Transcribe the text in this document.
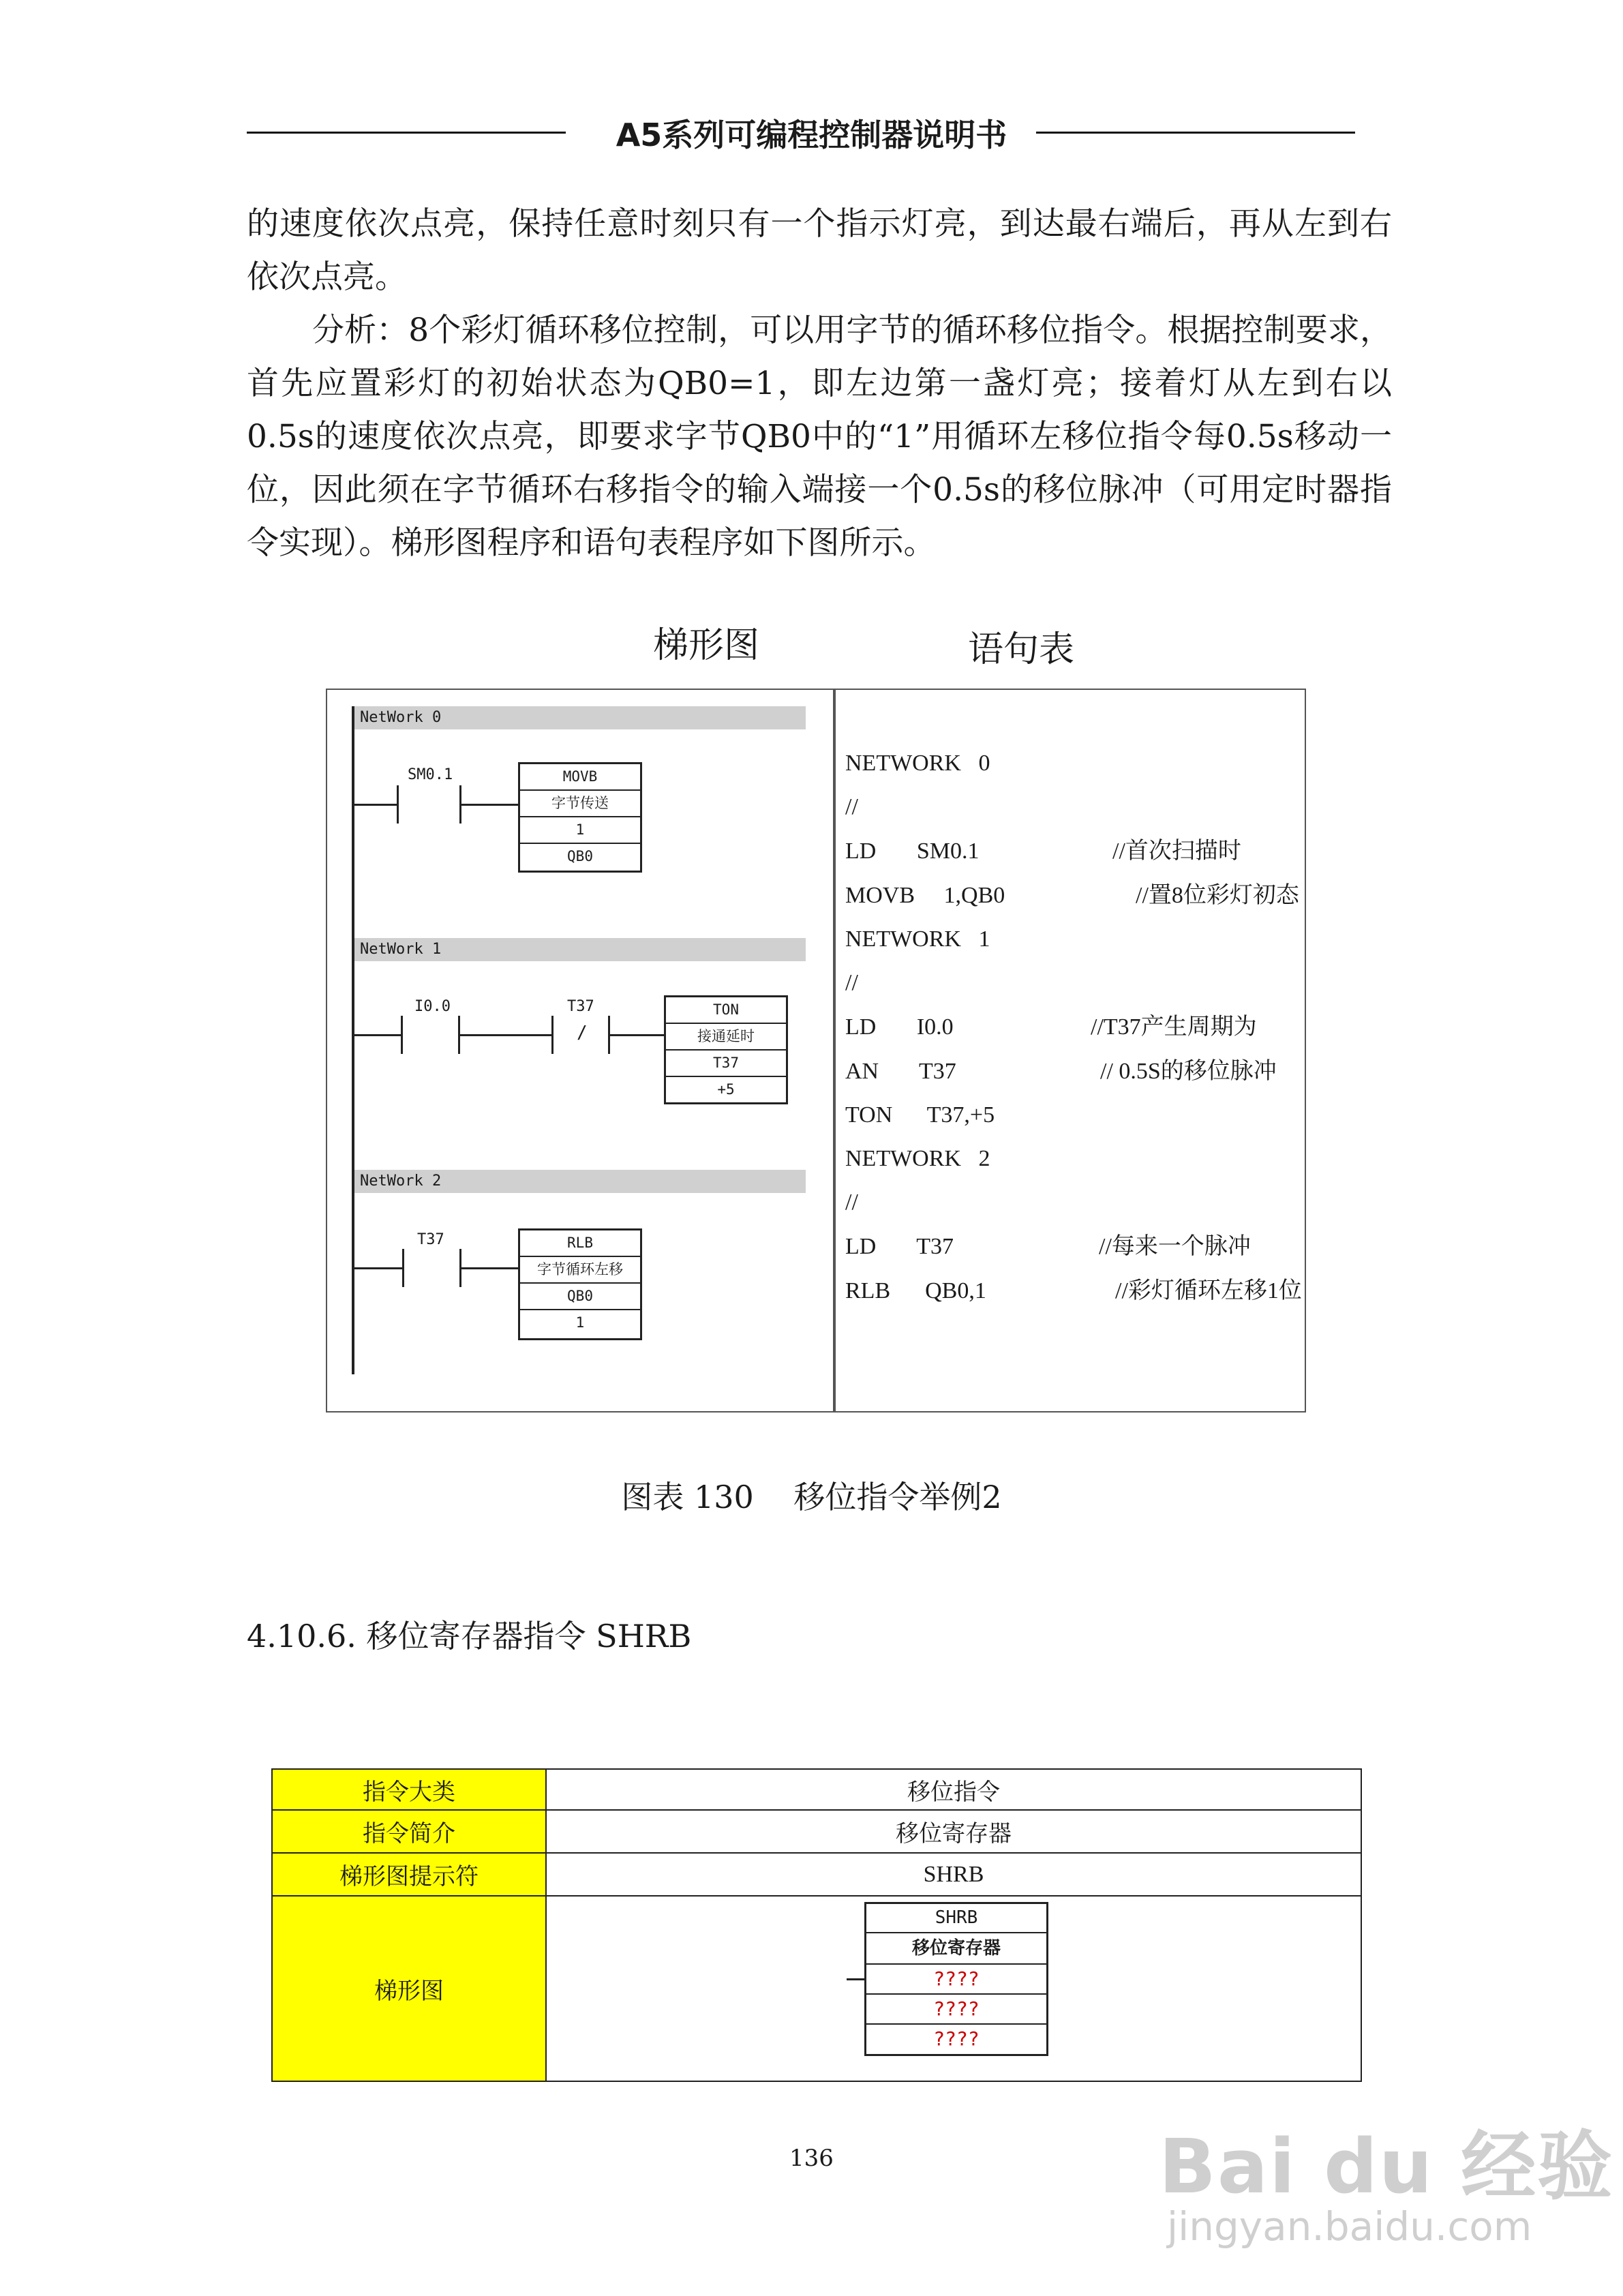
A5系列可编程控制器说明书

的速度依次点亮，保持任意时刻只有一个指示灯亮，到达最右端后，再从左到右依次点亮。

分析：8个彩灯循环移位控制，可以用字节的循环移位指令。根据控制要求，首先应置彩灯的初始状态为QB0=1，即左边第一盏灯亮；接着灯从左到右以0.5s的速度依次点亮，即要求字节QB0中的“1”用循环左移位指令每0.5s移动一位，因此须在字节循环右移指令的输入端接一个0.5s的移位脉冲（可用定时器指令实现）。梯形图程序和语句表程序如下图所示。

梯形图	语句表
NetWork 0
SM0.1	MOVB
字节传送
1
QB0
NetWork 1
I0.0	T37
/
TON
接通延时
T37
+5
NetWork 2
T37	RLB
字节循环左移
QB0
1
NETWORK   0
//
LD       SM0.1	//首次扫描时
MOVB     1,QB0	//置8位彩灯初态
NETWORK   1
//
LD       I0.0	//T37产生周期为
AN       T37	// 0.5S的移位脉冲
TON      T37,+5
NETWORK   2
//
LD       T37	//每来一个脉冲
RLB      QB0,1	//彩灯循环左移1位
图表 130    移位指令举例2
4.10.6. 移位寄存器指令 SHRB
指令大类	移位指令
指令简介	移位寄存器
梯形图提示符	SHRB
梯形图	SHRB
移位寄存器
????
????
????
136	Bai du 经验
jingyan.baidu.com
